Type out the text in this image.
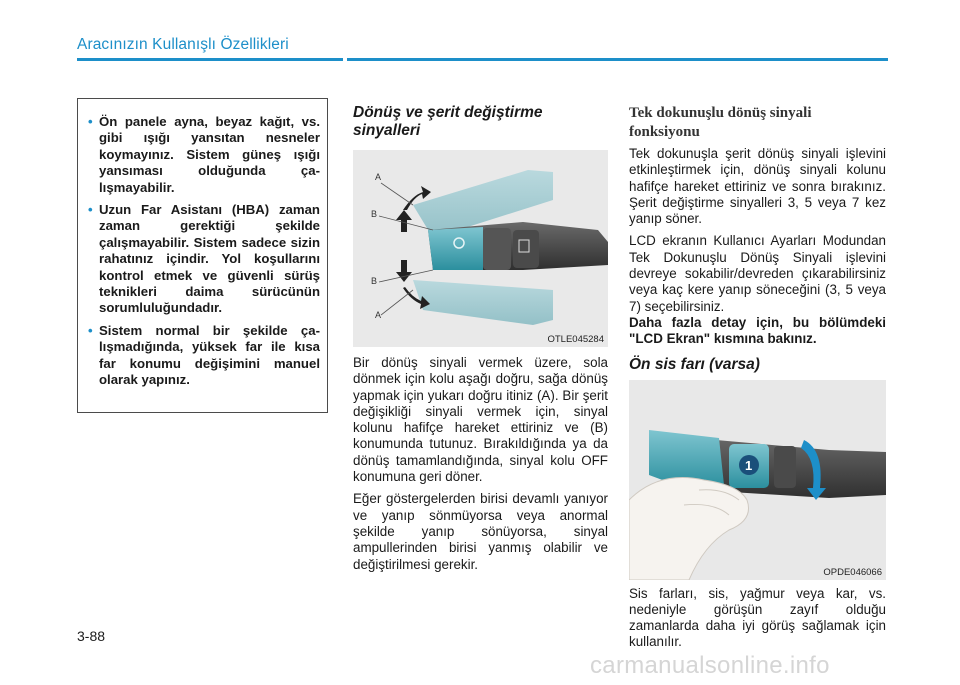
Aracınızın Kullanışlı Özellikleri
• Ön panele ayna, beyaz kağıt, vs. gibi ışığı yansıtan nesneler koymayınız. Sistem güneş ışığı yansıması olduğunda çalışmayabilir.
• Uzun Far Asistanı (HBA) zaman zaman gerektiği şekilde çalışmayabilir. Sistem sadece sizin rahatınız içindir. Yol koşullarını kontrol etmek ve güvenli sürüş teknikleri daima sürücünün sorumluluğundadır.
• Sistem normal bir şekilde çalışmadığında, yüksek far ile kısa far konumu değişimini manuel olarak yapınız.
Dönüş ve şerit değiştirme sinyalleri
A
B
B
A
OTLE045284

Bir dönüş sinyali vermek üzere, sola dönmek için kolu aşağı doğru, sağa dönüş yapmak için yukarı doğru itiniz (A). Bir şerit değişikliği sinyali vermek için, sinyal kolunu hafifçe hareket ettiriniz ve (B) konumunda tutunuz. Bırakıldığında ya da dönüş tamamlandığında, sinyal kolu OFF konumuna geri döner.

Eğer göstergelerden birisi devamlı yanıyor ve yanıp sönmüyorsa veya anormal şekilde yanıp sönüyorsa, sinyal ampullerinden birisi yanmış olabilir ve değiştirilmesi gerekir.

Tek dokunuşlu dönüş sinyali fonksiyonu

Tek dokunuşla şerit dönüş sinyali işlevini etkinleştirmek için, dönüş sinyali kolunu hafifçe hareket ettiriniz ve sonra bırakınız. Şerit değiştirme sinyalleri 3, 5 veya 7 kez yanıp söner.

LCD ekranın Kullanıcı Ayarları Modundan Tek Dokunuşlu Dönüş Sinyali işlevini devreye sokabilir/devreden çıkarabilirsiniz veya kaç kere yanıp söneceğini (3, 5 veya 7) seçebilirsiniz.

Daha fazla detay için, bu bölümdeki "LCD Ekran" kısmına bakınız.

Ön sis farı (varsa)
1
OPDE046066

Sis farları, sis, yağmur veya kar, vs. nedeniyle görüşün zayıf olduğu zamanlarda daha iyi görüş sağlamak için kullanılır.

3-88
carmanualsonline.info
